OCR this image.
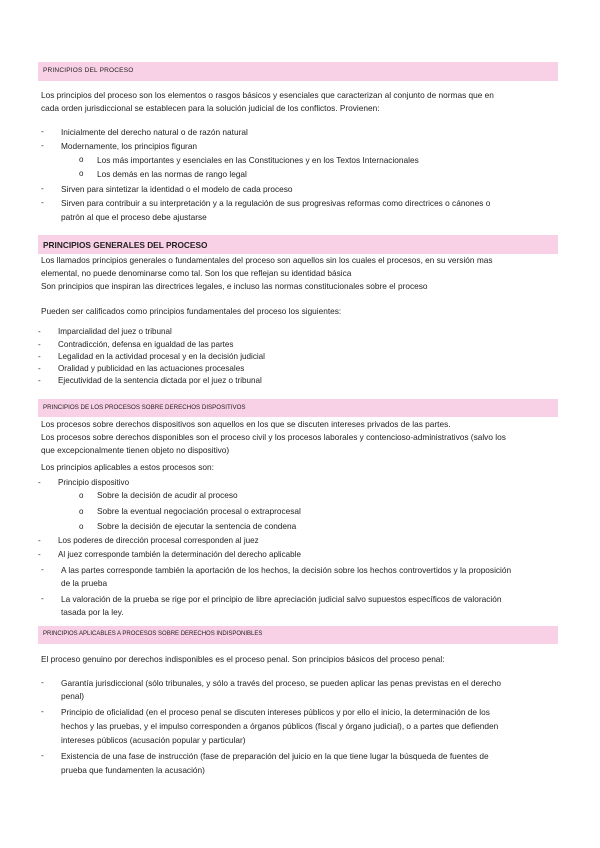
PRINCIPIOS DEL PROCESO
Los principios del proceso son los elementos o rasgos básicos y esenciales que caracterizan al conjunto de normas que en
cada orden jurisdiccional se establecen para la solución judicial de los conflictos. Provienen:
- Inicialmente del derecho natural o de razón natural
- Modernamente, los principios figuran
o Los más importantes y esenciales en las Constituciones y en los Textos Internacionales
o Los demás en las normas de rango legal
- Sirven para sintetizar la identidad o el modelo de cada proceso
- Sirven para contribuir a su interpretación y a la regulación de sus progresivas reformas como directrices o cánones o
patrón al que el proceso debe ajustarse
PRINCIPIOS GENERALES DEL PROCESO
Los llamados principios generales o fundamentales del proceso son aquellos sin los cuales el procesos, en su versión mas
elemental, no puede denominarse como tal. Son los que reflejan su identidad básica
Son principios que inspiran las directrices legales, e incluso las normas constitucionales sobre el proceso
Pueden ser calificados como principios fundamentales del proceso los siguientes:
- Imparcialidad del juez o tribunal
- Contradicción, defensa en igualdad de las partes
- Legalidad en la actividad procesal y en la decisión judicial
- Oralidad y publicidad en las actuaciones procesales
- Ejecutividad de la sentencia dictada por el juez o tribunal
PRINCIPIOS DE LOS PROCESOS SOBRE DERECHOS DISPOSITIVOS
Los procesos sobre derechos dispositivos son aquellos en los que se discuten intereses privados de las partes.
Los procesos sobre derechos disponibles son el proceso civil y los procesos laborales y contencioso-administrativos (salvo los
que excepcionalmente tienen objeto no dispositivo)
Los principios aplicables a estos procesos son:
- Principio dispositivo
o Sobre la decisión de acudir al proceso
o Sobre la eventual negociación procesal o extraprocesal
o Sobre la decisión de ejecutar la sentencia de condena
- Los poderes de dirección procesal corresponden al juez
- Al juez corresponde también la determinación del derecho aplicable
- A las partes corresponde también la aportación de los hechos, la decisión sobre los hechos controvertidos y la proposición
de la prueba
- La valoración de la prueba se rige por el principio de libre apreciación judicial salvo supuestos específicos de valoración
tasada por la ley.
PRINCIPIOS APLICABLES A PROCESOS SOBRE DERECHOS INDISPONIBLES
El proceso genuino por derechos indisponibles es el proceso penal. Son principios básicos del proceso penal:
- Garantía jurisdiccional (sólo tribunales, y sólo a través del proceso, se pueden aplicar las penas previstas en el derecho
penal)
- Principio de oficialidad (en el proceso penal se discuten intereses públicos y por ello el inicio, la determinación de los
hechos y las pruebas, y el impulso corresponden a órganos públicos (fiscal y órgano judicial), o a partes que defienden
intereses públicos (acusación popular y particular)
- Existencia de una fase de instrucción (fase de preparación del juicio en la que tiene lugar la búsqueda de fuentes de
prueba que fundamenten la acusación)
